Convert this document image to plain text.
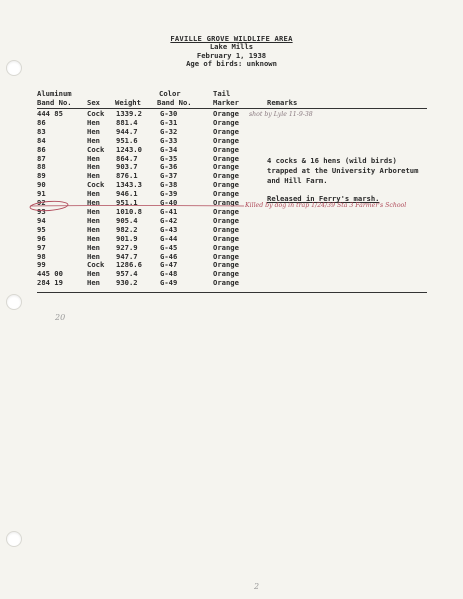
FAVILLE GROVE WILDLIFE AREA
Lake Mills
February 1, 1938
Age of birds: unknown
Aluminum
Band No. Sex Weight
Color
Band No.
Tail
Marker	Remarks
444 85
86
83
84
86
87
88
89
90
91
92
93
94
95
96
97
98
99
445 00
284 19
Cock
Hen
Hen
Hen
Cock
Hen
Hen
Hen
Cock
Hen
Hen
Hen
Hen
Hen
Hen
Hen
Hen
Cock
Hen
Hen
1339.2
881.4
944.7
951.6
1243.0
864.7
903.7
876.1
1343.3
946.1
951.1
1010.8
905.4
982.2
901.9
927.9
947.7
1286.6
957.4
930.2
G-30
G-31
G-32
G-33
G-34
G-35
G-36
G-37
G-38
G-39
G-40
G-41
G-42
G-43
G-44
G-45
G-46
G-47
G-48
G-49
Orange
Orange
Orange
Orange
Orange
Orange
Orange
Orange
Orange
Orange
Orange
Orange
Orange
Orange
Orange
Orange
Orange
Orange
Orange
Orange
4 cocks & 16 hens (wild birds)
trapped at the University Arboretum
and Hill Farm.
Released in Ferry's marsh.
shot by Lyle 11-9-38
Killed by dog in trap 1/24/39 Sta 3 Farmer's School
20
2
